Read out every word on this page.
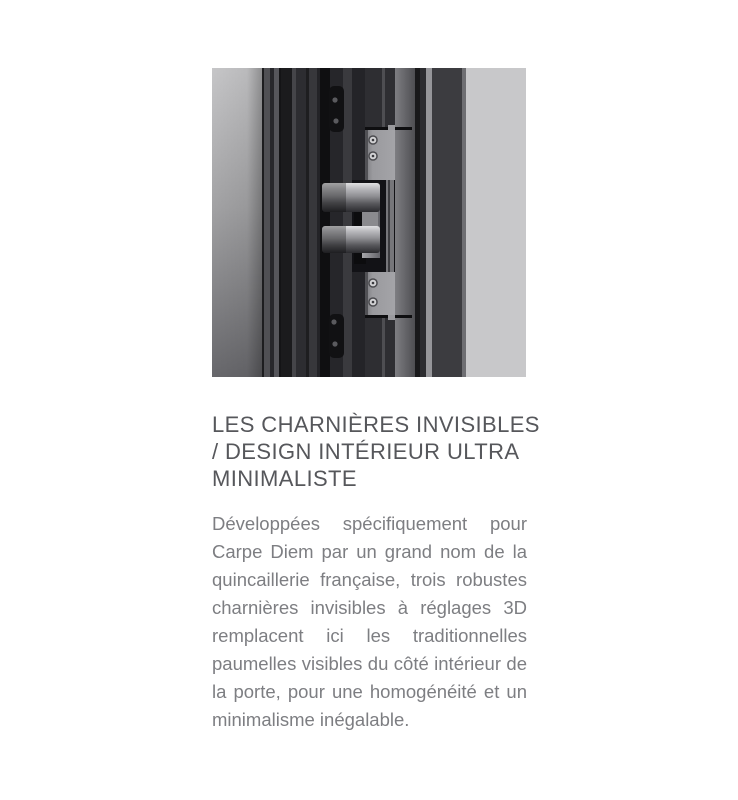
LES CHARNIÈRES INVISIBLES
/ DESIGN INTÉRIEUR ULTRA
MINIMALISTE
Développées spécifiquement pour
Carpe Diem par un grand nom de la
quincaillerie française, trois robustes
charnières invisibles à réglages 3D
remplacent ici les traditionnelles
paumelles visibles du côté intérieur de
la porte, pour une homogénéité et un
minimalisme inégalable.
